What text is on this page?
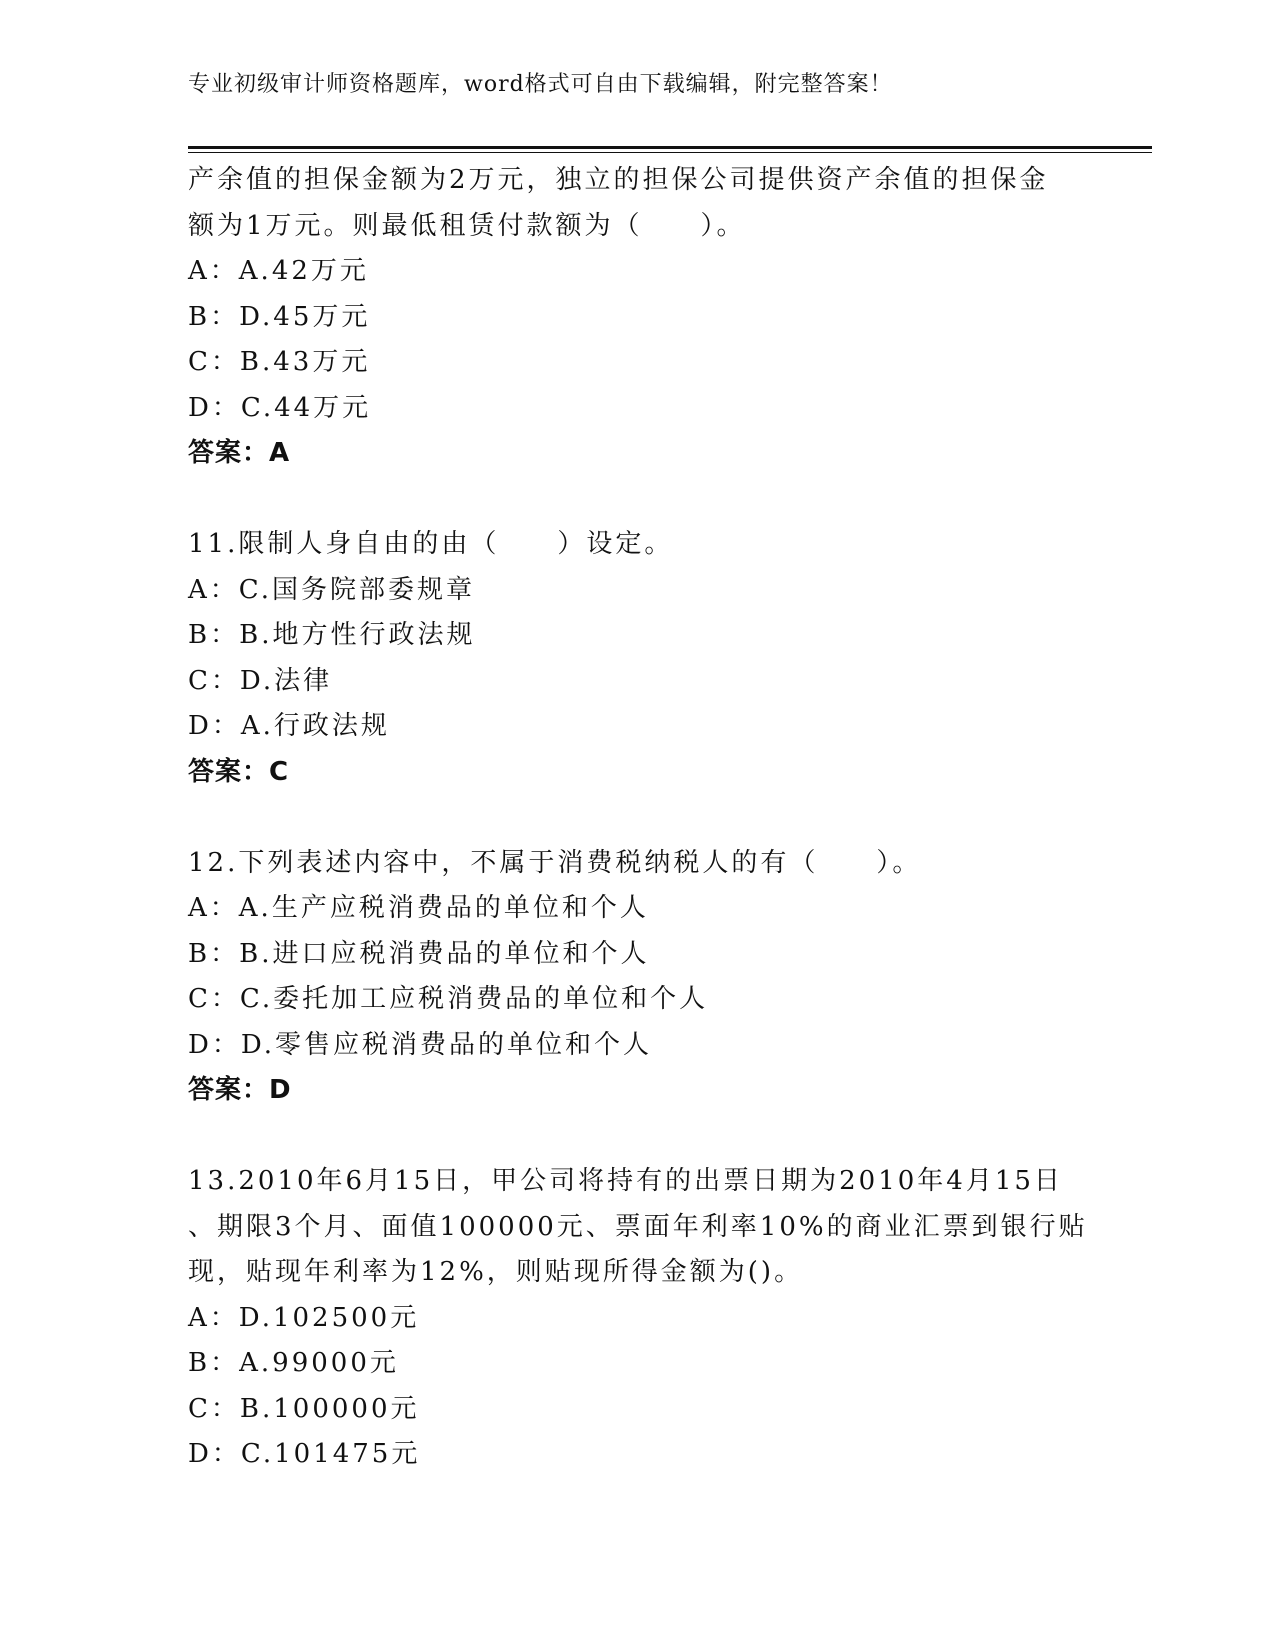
专业初级审计师资格题库，word格式可自由下载编辑，附完整答案！
产余值的担保金额为2万元，独立的担保公司提供资产余值的担保金
额为1万元。则最低租赁付款额为（　　）。
A：A.42万元
B：D.45万元
C：B.43万元
D：C.44万元
答案：A
11.限制人身自由的由（　　）设定。
A：C.国务院部委规章
B：B.地方性行政法规
C：D.法律
D：A.行政法规
答案：C
12.下列表述内容中，不属于消费税纳税人的有（　　）。
A：A.生产应税消费品的单位和个人
B：B.进口应税消费品的单位和个人
C：C.委托加工应税消费品的单位和个人
D：D.零售应税消费品的单位和个人
答案：D
13.2010年6月15日，甲公司将持有的出票日期为2010年4月15日
、期限3个月、面值100000元、票面年利率10%的商业汇票到银行贴
现，贴现年利率为12%，则贴现所得金额为()。
A：D.102500元
B：A.99000元
C：B.100000元
D：C.101475元
